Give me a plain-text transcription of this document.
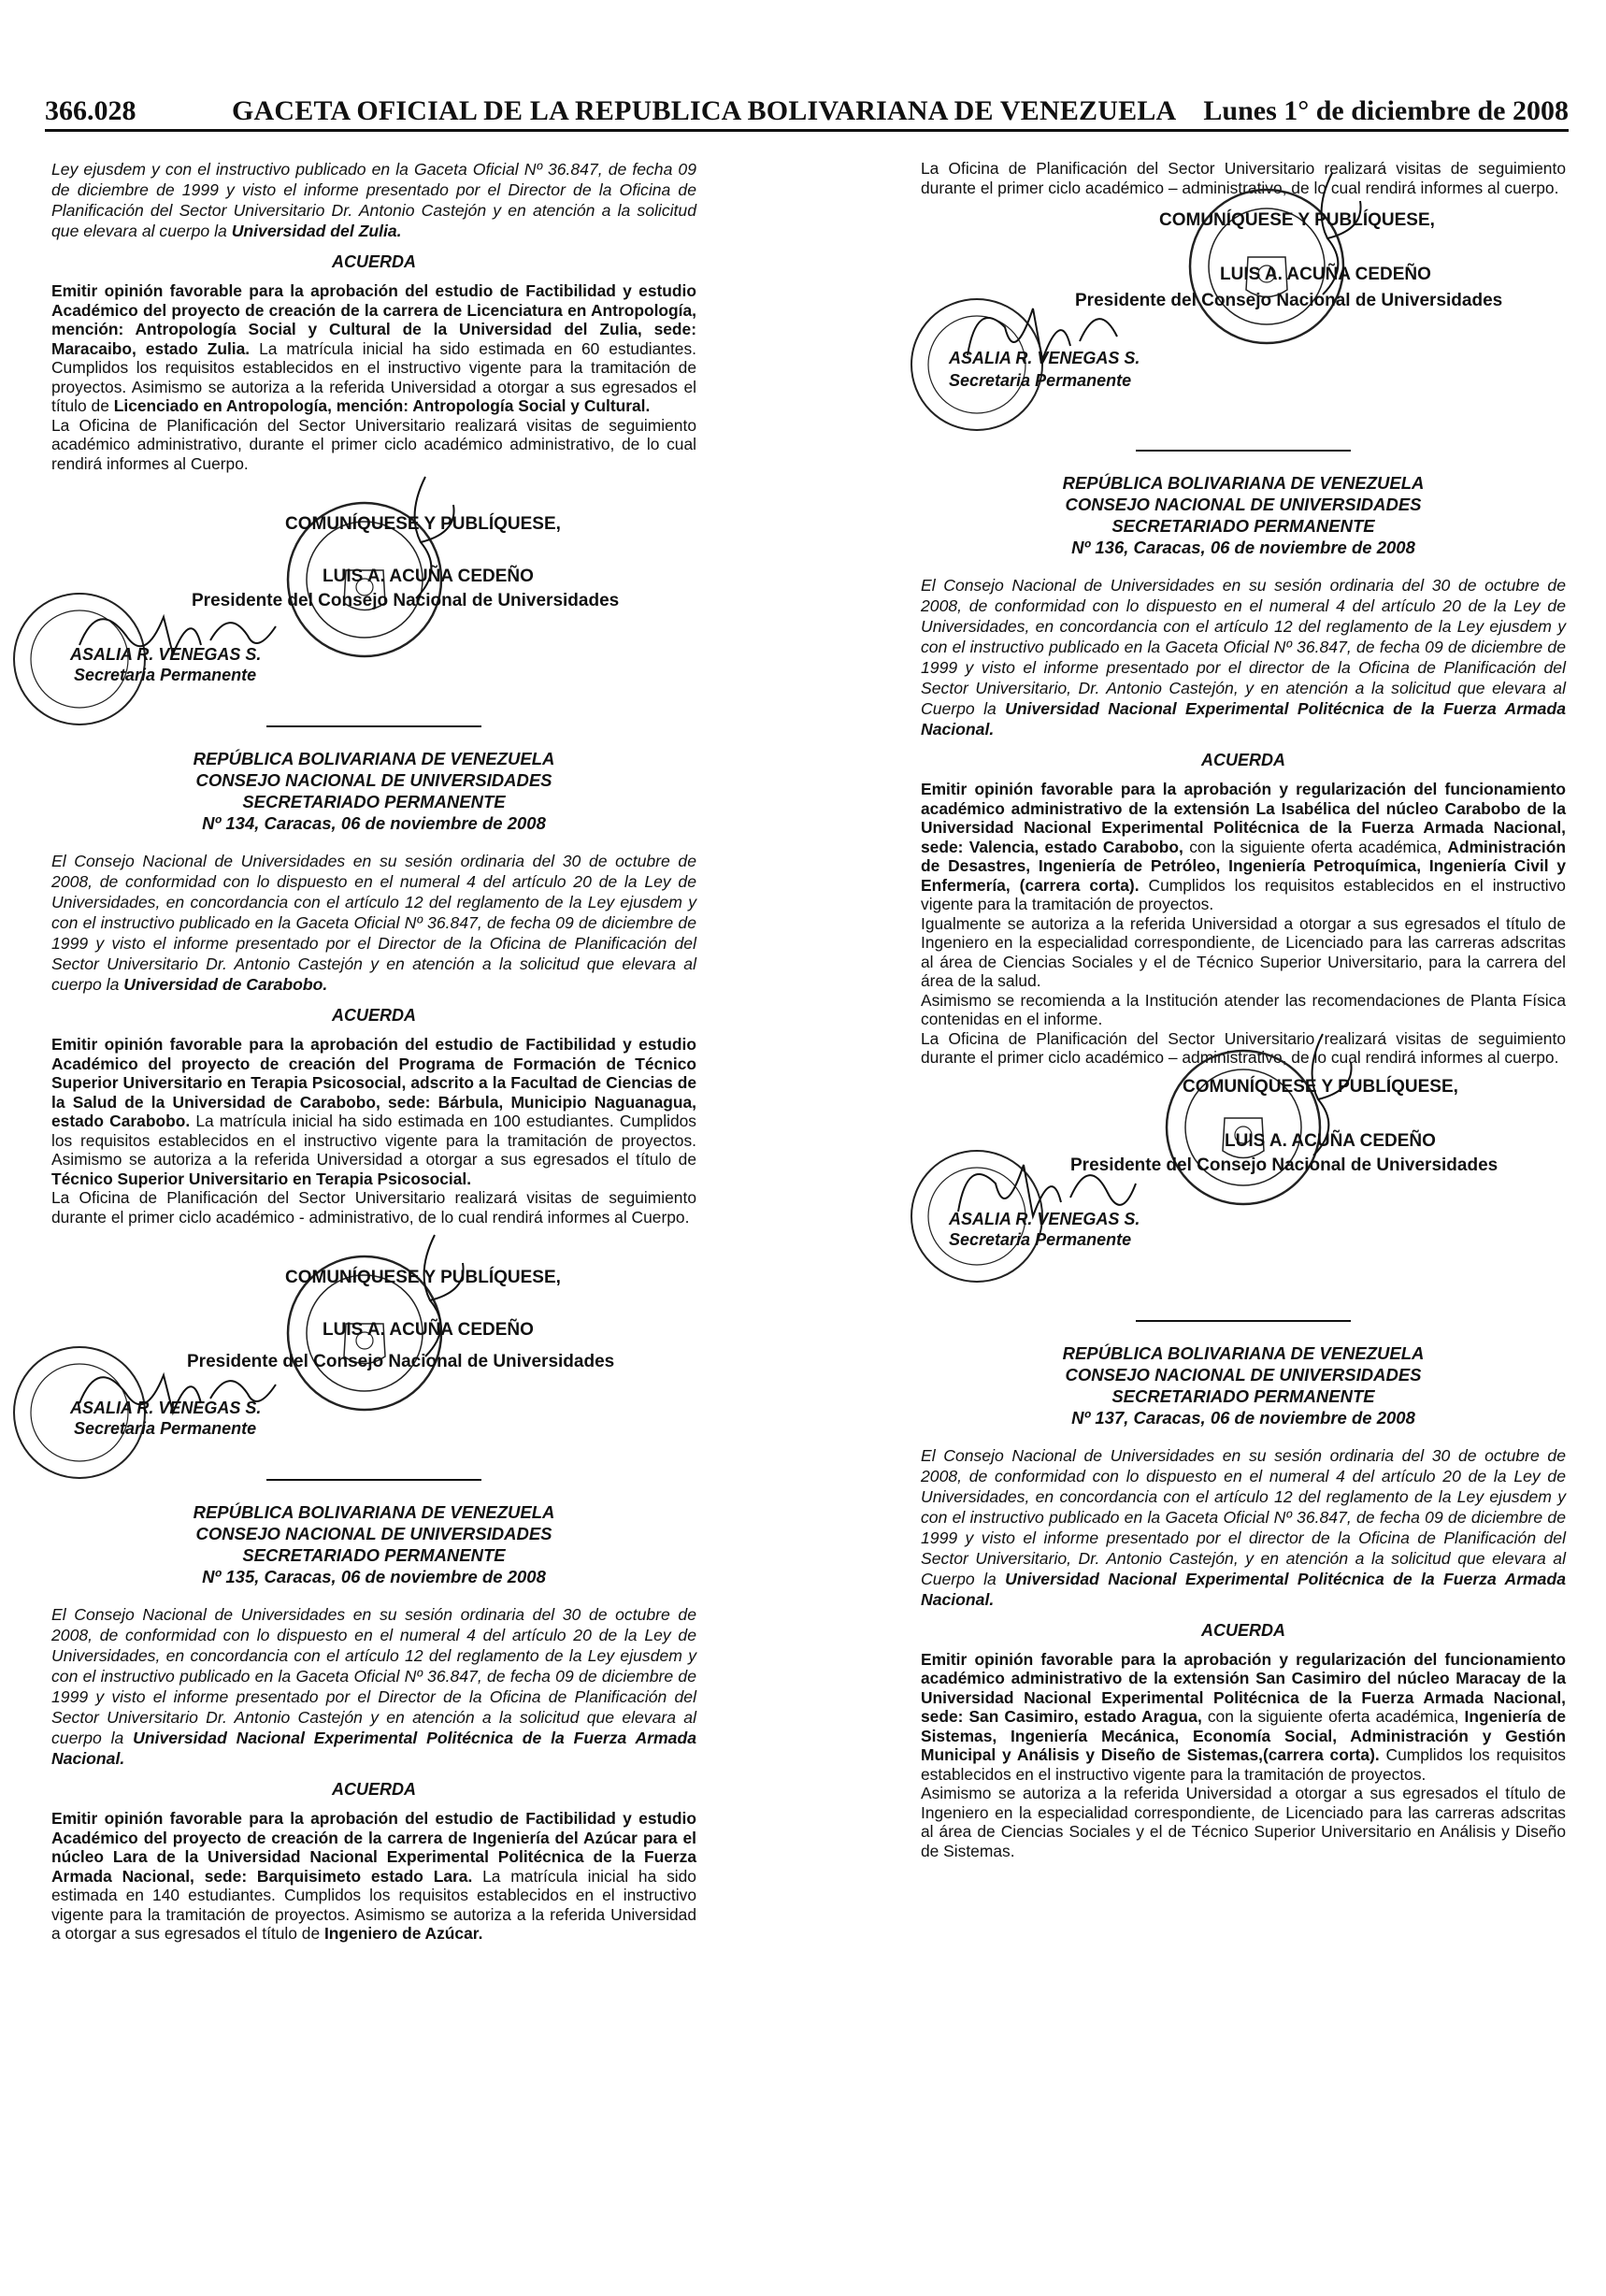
366.028	GACETA OFICIAL DE LA REPUBLICA BOLIVARIANA DE VENEZUELA Lunes 1° de diciembre de 2008

Ley ejusdem y con el instructivo publicado en la Gaceta Oficial Nº 36.847, de fecha 09 de diciembre de 1999 y visto el informe presentado por el Director de la Oficina de Planificación del Sector Universitario Dr. Antonio Castejón y en atención a la solicitud que elevara al cuerpo la Universidad del Zulia.

ACUERDA
Emitir opinión favorable para la aprobación del estudio de Factibilidad y estudio Académico del proyecto de creación de la carrera de Licenciatura en Antropología, mención: Antropología Social y Cultural de la Universidad del Zulia, sede: Maracaibo, estado Zulia. La matrícula inicial ha sido estimada en 60 estudiantes. Cumplidos los requisitos establecidos en el instructivo vigente para la tramitación de proyectos. Asimismo se autoriza a la referida Universidad a otorgar a sus egresados el título de Licenciado en Antropología, mención: Antropología Social y Cultural.

La Oficina de Planificación del Sector Universitario realizará visitas de seguimiento académico administrativo, durante el primer ciclo académico administrativo, de lo cual rendirá informes al Cuerpo.

COMUNÍQUESE Y PUBLÍQUESE,
LUIS A. ACUÑA CEDEÑO
Presidente del Consejo Nacional de Universidades
ASALIA R. VENEGAS S.
Secretaria Permanente
REPÚBLICA BOLIVARIANA DE VENEZUELA
CONSEJO NACIONAL DE UNIVERSIDADES
SECRETARIADO PERMANENTE
Nº 134, Caracas, 06 de noviembre de 2008

El Consejo Nacional de Universidades en su sesión ordinaria del 30 de octubre de 2008, de conformidad con lo dispuesto en el numeral 4 del artículo 20 de la Ley de Universidades, en concordancia con el artículo 12 del reglamento de la Ley ejusdem y con el instructivo publicado en la Gaceta Oficial Nº 36.847, de fecha 09 de diciembre de 1999 y visto el informe presentado por el Director de la Oficina de Planificación del Sector Universitario Dr. Antonio Castejón y en atención a la solicitud que elevara al cuerpo la Universidad de Carabobo.

ACUERDA
Emitir opinión favorable para la aprobación del estudio de Factibilidad y estudio Académico del proyecto de creación del Programa de Formación de Técnico Superior Universitario en Terapia Psicosocial, adscrito a la Facultad de Ciencias de la Salud de la Universidad de Carabobo, sede: Bárbula, Municipio Naguanagua, estado Carabobo. La matrícula inicial ha sido estimada en 100 estudiantes. Cumplidos los requisitos establecidos en el instructivo vigente para la tramitación de proyectos. Asimismo se autoriza a la referida Universidad a otorgar a sus egresados el título de Técnico Superior Universitario en Terapia Psicosocial.

La Oficina de Planificación del Sector Universitario realizará visitas de seguimiento durante el primer ciclo académico - administrativo, de lo cual rendirá informes al Cuerpo.

COMUNÍQUESE Y PUBLÍQUESE,
LUIS A. ACUÑA CEDEÑO
Presidente del Consejo Nacional de Universidades
ASALIA R. VENEGAS S.
Secretaria Permanente
REPÚBLICA BOLIVARIANA DE VENEZUELA
CONSEJO NACIONAL DE UNIVERSIDADES
SECRETARIADO PERMANENTE
Nº 135, Caracas, 06 de noviembre de 2008

El Consejo Nacional de Universidades en su sesión ordinaria del 30 de octubre de 2008, de conformidad con lo dispuesto en el numeral 4 del artículo 20 de la Ley de Universidades, en concordancia con el artículo 12 del reglamento de la Ley ejusdem y con el instructivo publicado en la Gaceta Oficial Nº 36.847, de fecha 09 de diciembre de 1999 y visto el informe presentado por el Director de la Oficina de Planificación del Sector Universitario Dr. Antonio Castejón y en atención a la solicitud que elevara al cuerpo la Universidad Nacional Experimental Politécnica de la Fuerza Armada Nacional.

ACUERDA
Emitir opinión favorable para la aprobación del estudio de Factibilidad y estudio Académico del proyecto de creación de la carrera de Ingeniería del Azúcar para el núcleo Lara de la Universidad Nacional Experimental Politécnica de la Fuerza Armada Nacional, sede: Barquisimeto estado Lara. La matrícula inicial ha sido estimada en 140 estudiantes. Cumplidos los requisitos establecidos en el instructivo vigente para la tramitación de proyectos. Asimismo se autoriza a la referida Universidad a otorgar a sus egresados el título de Ingeniero de Azúcar.

La Oficina de Planificación del Sector Universitario realizará visitas de seguimiento durante el primer ciclo académico – administrativo, de lo cual rendirá informes al cuerpo.

COMUNÍQUESE Y PUBLÍQUESE,
LUIS A. ACUÑA CEDEÑO
Presidente del Consejo Nacional de Universidades
ASALIA R. VENEGAS S.
Secretaria Permanente
REPÚBLICA BOLIVARIANA DE VENEZUELA
CONSEJO NACIONAL DE UNIVERSIDADES
SECRETARIADO PERMANENTE
Nº 136, Caracas, 06 de noviembre de 2008

El Consejo Nacional de Universidades en su sesión ordinaria del 30 de octubre de 2008, de conformidad con lo dispuesto en el numeral 4 del artículo 20 de la Ley de Universidades, en concordancia con el artículo 12 del reglamento de la Ley ejusdem y con el instructivo publicado en la Gaceta Oficial Nº 36.847, de fecha 09 de diciembre de 1999 y visto el informe presentado por el director de la Oficina de Planificación del Sector Universitario, Dr. Antonio Castejón, y en atención a la solicitud que elevara al Cuerpo la Universidad Nacional Experimental Politécnica de la Fuerza Armada Nacional.

ACUERDA
Emitir opinión favorable para la aprobación y regularización del funcionamiento académico administrativo de la extensión La Isabélica del núcleo Carabobo de la Universidad Nacional Experimental Politécnica de la Fuerza Armada Nacional, sede: Valencia, estado Carabobo, con la siguiente oferta académica, Administración de Desastres, Ingeniería de Petróleo, Ingeniería Petroquímica, Ingeniería Civil y Enfermería, (carrera corta). Cumplidos los requisitos establecidos en el instructivo vigente para la tramitación de proyectos.

Igualmente se autoriza a la referida Universidad a otorgar a sus egresados el título de Ingeniero en la especialidad correspondiente, de Licenciado para las carreras adscritas al área de Ciencias Sociales y el de Técnico Superior Universitario, para la carrera del área de la salud.

Asimismo se recomienda a la Institución atender las recomendaciones de Planta Física contenidas en el informe.

La Oficina de Planificación del Sector Universitario realizará visitas de seguimiento durante el primer ciclo académico – administrativo, de lo cual rendirá informes al cuerpo.

COMUNÍQUESE Y PUBLÍQUESE,
LUIS A. ACUÑA CEDEÑO
Presidente del Consejo Nacional de Universidades
ASALIA R. VENEGAS S.
Secretaria Permanente
REPÚBLICA BOLIVARIANA DE VENEZUELA
CONSEJO NACIONAL DE UNIVERSIDADES
SECRETARIADO PERMANENTE
Nº 137, Caracas, 06 de noviembre de 2008

El Consejo Nacional de Universidades en su sesión ordinaria del 30 de octubre de 2008, de conformidad con lo dispuesto en el numeral 4 del artículo 20 de la Ley de Universidades, en concordancia con el artículo 12 del reglamento de la Ley ejusdem y con el instructivo publicado en la Gaceta Oficial Nº 36.847, de fecha 09 de diciembre de 1999 y visto el informe presentado por el director de la Oficina de Planificación del Sector Universitario, Dr. Antonio Castejón, y en atención a la solicitud que elevara al Cuerpo la Universidad Nacional Experimental Politécnica de la Fuerza Armada Nacional.

ACUERDA
Emitir opinión favorable para la aprobación y regularización del funcionamiento académico administrativo de la extensión San Casimiro del núcleo Maracay de la Universidad Nacional Experimental Politécnica de la Fuerza Armada Nacional, sede: San Casimiro, estado Aragua, con la siguiente oferta académica, Ingeniería de Sistemas, Ingeniería Mecánica, Economía Social, Administración y Gestión Municipal y Análisis y Diseño de Sistemas,(carrera corta). Cumplidos los requisitos establecidos en el instructivo vigente para la tramitación de proyectos.

Asimismo se autoriza a la referida Universidad a otorgar a sus egresados el título de Ingeniero en la especialidad correspondiente, de Licenciado para las carreras adscritas al área de Ciencias Sociales y el de Técnico Superior Universitario en Análisis y Diseño de Sistemas.
